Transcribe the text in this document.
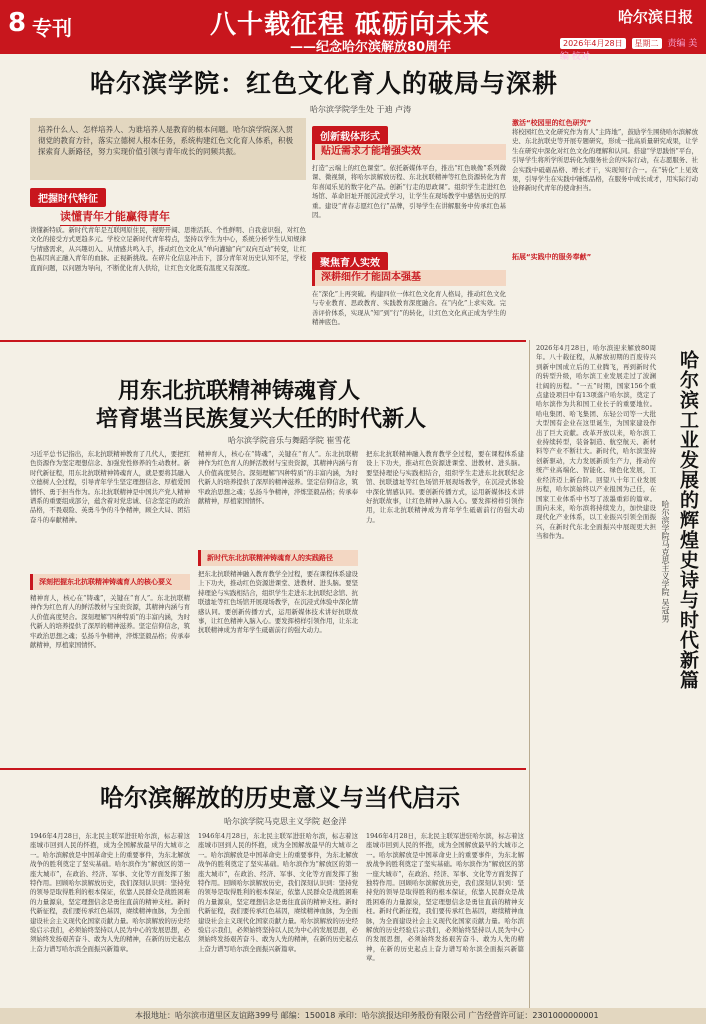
8 专刊	八十载征程 砥砺向未来
——纪念哈尔滨解放80周年
哈尔滨日报
2026年4月28日 星期二 责编 美编 校对
哈尔滨学院：红色文化育人的破局与深耕
哈尔滨学院学生处 于迪 卢涛
培养什么人、怎样培养人、为谁培养人是教育的根本问题。哈尔滨学院深入贯彻党的教育方针，落实立德树人根本任务，系统构建红色文化育人体系，积极探索育人新路径，努力实现价值引领与青年成长的同频共振。
把握时代特征
读懂青年才能赢得青年
读懂新特质。新时代青年是互联网原住民，视野开阔、思维活跃、个性鲜明、自我意识强，对红色文化的接受方式更趋多元。学校立足新时代青年特点，坚持以学生为中心，系统分析学生认知规律与情感需求，从兴趣切入、从情感共鸣入手，推动红色文化从“单向灌输”向“双向互动”转变，让红色基因真正融入青年的血脉。正视新挑战。在碎片化信息冲击下，部分青年对历史认知不足，学校直面问题，以问题为导向，不断优化育人供给，让红色文化既有温度又有深度。
创新载体形式
贴近需求才能增强实效
打造“云端上的红色课堂”。依托新媒体平台，推出“红色映像”系列微课、微视频，将哈尔滨解放历程、东北抗联精神等红色资源转化为青年喜闻乐见的数字化产品。创新“行走的思政课”。组织学生走进红色场馆、革命旧址开展沉浸式学习，让学生在现场教学中感悟历史的厚重。建设“青春志愿红色行”品牌，引导学生在讲解服务中传承红色基因。
聚焦育人实效
深耕细作才能固本强基
在“深化”上再突破。构建四位一体红色文化育人格局，推动红色文化与专业教育、思政教育、实践教育深度融合。在“内化”上求实效。完善评价体系，实现从“知”到“行”的转化，让红色文化真正成为学生的精神底色。
激活“校园里的红色研究”
将校园红色文化研究作为育人“主阵地”，鼓励学生围绕哈尔滨解放史、东北抗联史等开展专题研究，形成一批高质量研究成果，让学生在研究中深化对红色文化的理解和认同。搭建“学思践悟”平台，引导学生将所学所思转化为服务社会的实际行动，在志愿服务、社会实践中砥砺品格、增长才干，实现知行合一。在“转化”上见效果，引导学生在实践中锤炼品格，在服务中成长成才，用实际行动诠释新时代青年的使命担当。
拓展“实践中的服务奉献”
用东北抗联精神铸魂育人
培育堪当民族复兴大任的时代新人
哈尔滨学院音乐与舞蹈学院 崔雪花
习近平总书记指出，东北抗联精神教育了几代人，要把红色资源作为坚定理想信念、加强党性修养的生动教材。新时代新征程，用东北抗联精神铸魂育人，就是要将其融入立德树人全过程，引导青年学生坚定理想信念、厚植爱国情怀、勇于担当作为。东北抗联精神是中国共产党人精神谱系的重要组成部分，蕴含着对党忠诚、信念坚定的政治品格，不畏艰险、英勇斗争的斗争精神，顾全大局、团结奋斗的奉献精神。
深刻把握东北抗联精神铸魂育人的核心要义
精神育人，核心在“铸魂”，关键在“育人”。东北抗联精神作为红色育人的鲜活教材与宝贵资源，其精神内涵与育人价值高度契合。深刻理解“四种特质”的丰富内涵，为时代新人的培养提供了深厚的精神滋养。坚定信仰信念，筑牢政治思想之魂；弘扬斗争精神，淬炼坚毅品格；传承奉献精神，厚植家国情怀。
精神育人，核心在“铸魂”，关键在“育人”。东北抗联精神作为红色育人的鲜活教材与宝贵资源，其精神内涵与育人价值高度契合。深刻理解“四种特质”的丰富内涵，为时代新人的培养提供了深厚的精神滋养。坚定信仰信念，筑牢政治思想之魂；弘扬斗争精神，淬炼坚毅品格；传承奉献精神，厚植家国情怀。
新时代东北抗联精神铸魂育人的实践路径
把东北抗联精神融入教育教学全过程，要在课程体系建设上下功夫，推动红色资源进课堂、进教材、进头脑。要坚持理论与实践相结合，组织学生走进东北抗联纪念馆、抗联遗址等红色场馆开展现场教学，在沉浸式体验中深化情感认同。要创新传播方式，运用新媒体技术讲好抗联故事，让红色精神入脑入心。要发挥榜样引领作用，让东北抗联精神成为青年学生砥砺前行的强大动力。
把东北抗联精神融入教育教学全过程，要在课程体系建设上下功夫，推动红色资源进课堂、进教材、进头脑。要坚持理论与实践相结合，组织学生走进东北抗联纪念馆、抗联遗址等红色场馆开展现场教学，在沉浸式体验中深化情感认同。要创新传播方式，运用新媒体技术讲好抗联故事，让红色精神入脑入心。要发挥榜样引领作用，让东北抗联精神成为青年学生砥砺前行的强大动力。
哈尔滨解放的历史意义与当代启示
哈尔滨学院马克思主义学院 赵金洋
1946年4月28日，东北民主联军进驻哈尔滨，标志着这座城市回到人民的怀抱，成为全国解放最早的大城市之一。哈尔滨解放是中国革命史上的重要事件，为东北解放战争的胜利奠定了坚实基础。哈尔滨作为“解放区的第一座大城市”，在政治、经济、军事、文化等方面发挥了独特作用。回顾哈尔滨解放历史，我们深刻认识到：坚持党的领导是取得胜利的根本保证，依靠人民群众是战胜困难的力量源泉，坚定理想信念是勇往直前的精神支柱。新时代新征程，我们要传承红色基因，赓续精神血脉，为全面建设社会主义现代化国家贡献力量。哈尔滨解放的历史经验启示我们，必须始终坚持以人民为中心的发展思想，必须始终发扬艰苦奋斗、敢为人先的精神，在新的历史起点上奋力谱写哈尔滨全面振兴新篇章。
1946年4月28日，东北民主联军进驻哈尔滨，标志着这座城市回到人民的怀抱，成为全国解放最早的大城市之一。哈尔滨解放是中国革命史上的重要事件，为东北解放战争的胜利奠定了坚实基础。哈尔滨作为“解放区的第一座大城市”，在政治、经济、军事、文化等方面发挥了独特作用。回顾哈尔滨解放历史，我们深刻认识到：坚持党的领导是取得胜利的根本保证，依靠人民群众是战胜困难的力量源泉，坚定理想信念是勇往直前的精神支柱。新时代新征程，我们要传承红色基因，赓续精神血脉，为全面建设社会主义现代化国家贡献力量。哈尔滨解放的历史经验启示我们，必须始终坚持以人民为中心的发展思想，必须始终发扬艰苦奋斗、敢为人先的精神，在新的历史起点上奋力谱写哈尔滨全面振兴新篇章。
1946年4月28日，东北民主联军进驻哈尔滨，标志着这座城市回到人民的怀抱，成为全国解放最早的大城市之一。哈尔滨解放是中国革命史上的重要事件，为东北解放战争的胜利奠定了坚实基础。哈尔滨作为“解放区的第一座大城市”，在政治、经济、军事、文化等方面发挥了独特作用。回顾哈尔滨解放历史，我们深刻认识到：坚持党的领导是取得胜利的根本保证，依靠人民群众是战胜困难的力量源泉，坚定理想信念是勇往直前的精神支柱。新时代新征程，我们要传承红色基因，赓续精神血脉，为全面建设社会主义现代化国家贡献力量。哈尔滨解放的历史经验启示我们，必须始终坚持以人民为中心的发展思想，必须始终发扬艰苦奋斗、敢为人先的精神，在新的历史起点上奋力谱写哈尔滨全面振兴新篇章。
哈尔滨工业发展的辉煌史诗与时代新篇
哈尔滨学院马克思主义学院 吴冠男
2026年4月28日，哈尔滨迎来解放80周年。八十载征程，从解放初期的百废待兴到新中国成立后的工业腾飞，再到新时代的转型升级，哈尔滨工业发展走过了波澜壮阔的历程。“一五”时期，国家156个重点建设项目中有13项落户哈尔滨，奠定了哈尔滨作为共和国工业长子的重要地位。哈电集团、哈飞集团、东轻公司等一大批大型国有企业在这里诞生，为国家建设作出了巨大贡献。改革开放以来，哈尔滨工业持续转型，装备制造、航空航天、新材料等产业不断壮大。新时代，哈尔滨坚持创新驱动，大力发展新质生产力，推动传统产业高端化、智能化、绿色化发展，工业经济迈上新台阶。回望八十年工业发展历程，哈尔滨始终以产业报国为己任，在国家工业体系中书写了浓墨重彩的篇章。面向未来，哈尔滨将持续发力，加快建设现代化产业体系，以工业振兴引领全面振兴，在新时代东北全面振兴中展现更大担当和作为。
本报地址：哈尔滨市道里区友谊路399号 邮编：150018 承印：哈尔滨报达印务股份有限公司 广告经营许可证：2301000000001
